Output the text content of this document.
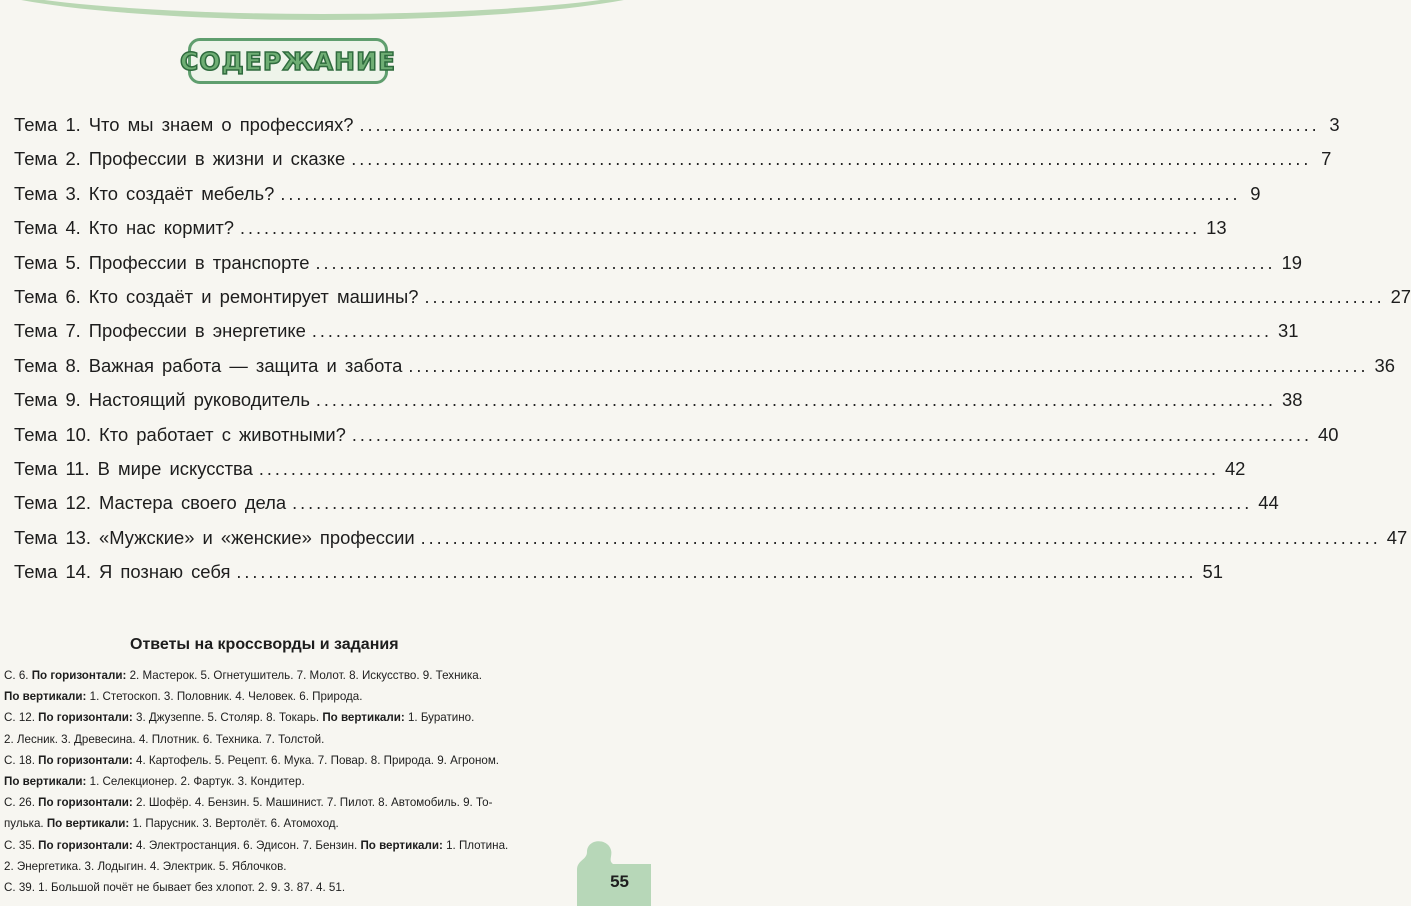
СОДЕРЖАНИЕ
Тема 1. Что мы знаем о профессиях? ........................................................................................................................ 3
Тема 2. Профессии в жизни и сказке ........................................................................................................................ 7
Тема 3. Кто создаёт мебель? ........................................................................................................................ 9
Тема 4. Кто нас кормит? ........................................................................................................................ 13
Тема 5. Профессии в транспорте ........................................................................................................................ 19
Тема 6. Кто создаёт и ремонтирует машины? ........................................................................................................................ 27
Тема 7. Профессии в энергетике ........................................................................................................................ 31
Тема 8. Важная работа — защита и забота ........................................................................................................................ 36
Тема 9. Настоящий руководитель ........................................................................................................................ 38
Тема 10. Кто работает с животными? ........................................................................................................................ 40
Тема 11. В мире искусства ........................................................................................................................ 42
Тема 12. Мастера своего дела ........................................................................................................................ 44
Тема 13. «Мужские» и «женские» профессии ........................................................................................................................ 47
Тема 14. Я познаю себя ........................................................................................................................ 51
Ответы на кроссворды и задания
С. 6. По горизонтали: 2. Мастерок. 5. Огнетушитель. 7. Молот. 8. Искусство. 9. Техника.
По вертикали: 1. Стетоскоп. 3. Половник. 4. Человек. 6. Природа.
С. 12. По горизонтали: 3. Джузеппе. 5. Столяр. 8. Токарь. По вертикали: 1. Буратино.
2. Лесник. 3. Древесина. 4. Плотник. 6. Техника. 7. Толстой.
С. 18. По горизонтали: 4. Картофель. 5. Рецепт. 6. Мука. 7. Повар. 8. Природа. 9. Агроном.
По вертикали: 1. Селекционер. 2. Фартук. 3. Кондитер.
С. 26. По горизонтали: 2. Шофёр. 4. Бензин. 5. Машинист. 7. Пилот. 8. Автомобиль. 9. То-
пулька. По вертикали: 1. Парусник. 3. Вертолёт. 6. Атомоход.
С. 35. По горизонтали: 4. Электростанция. 6. Эдисон. 7. Бензин. По вертикали: 1. Плотина.
2. Энергетика. 3. Лодыгин. 4. Электрик. 5. Яблочков.
С. 39. 1. Большой почёт не бывает без хлопот. 2. 9. 3. 87. 4. 51.	55
